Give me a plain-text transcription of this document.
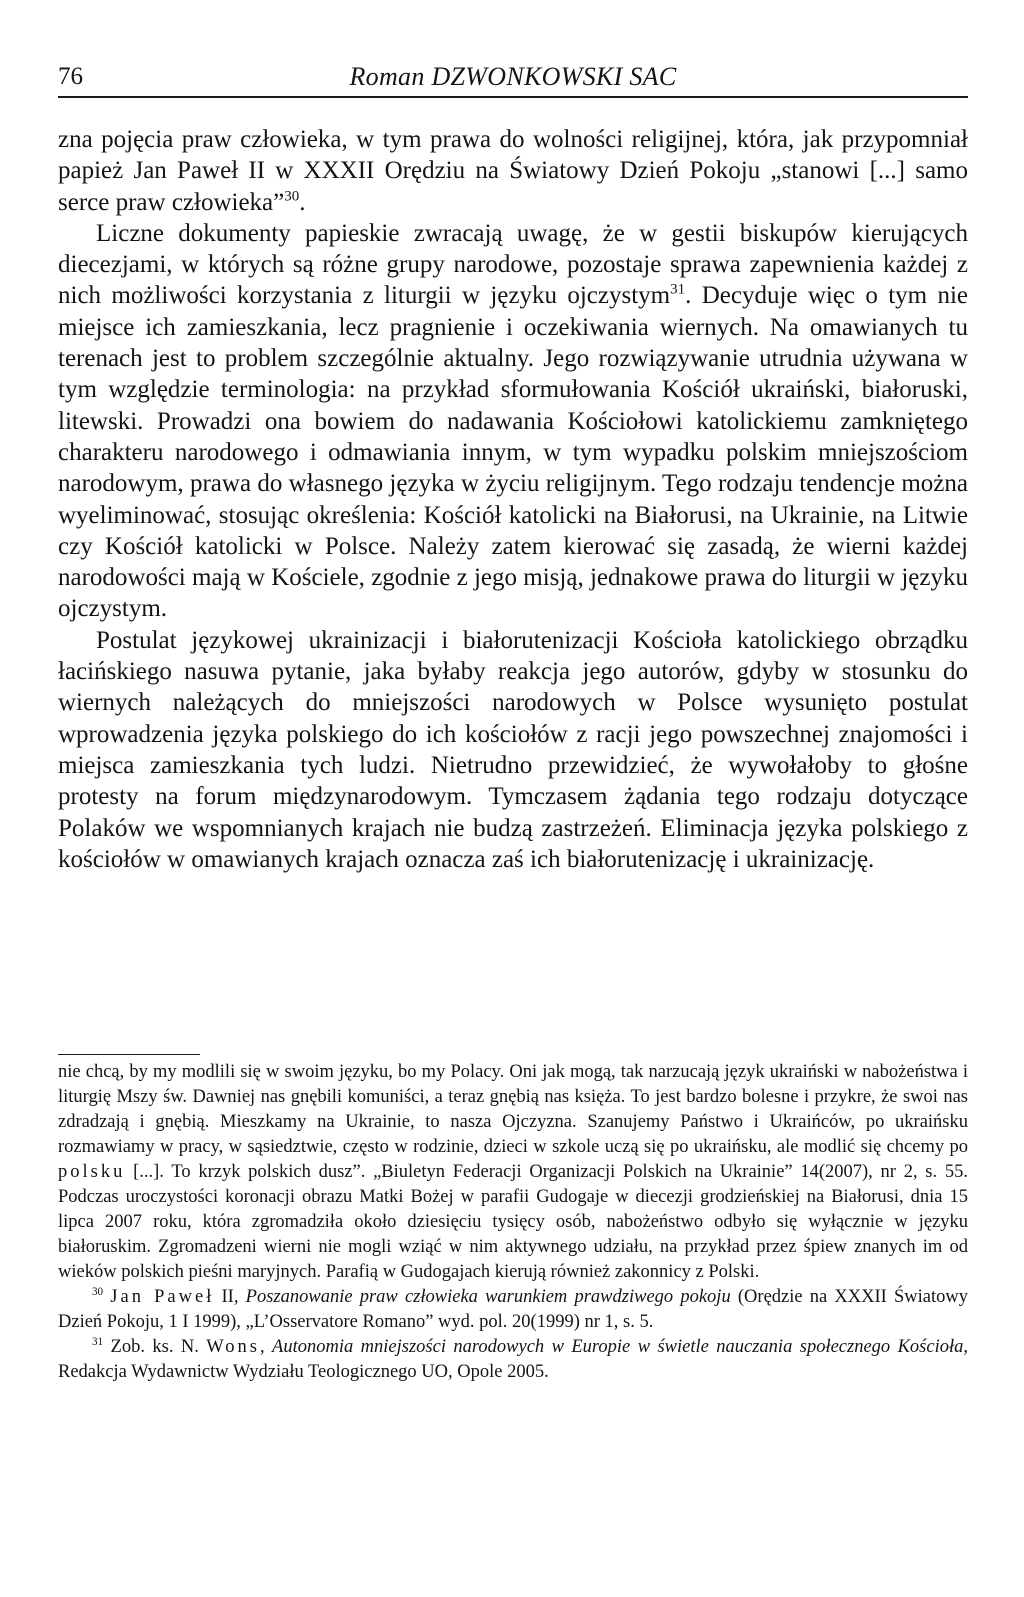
76	Roman DZWONKOWSKI SAC

zna pojęcia praw człowieka, w tym prawa do wolności religijnej, która, jak przypomniał papież Jan Paweł II w XXXII Orędziu na Światowy Dzień Pokoju „stanowi [...] samo serce praw człowieka”$^{30}$.

Liczne dokumenty papieskie zwracają uwagę, że w gestii biskupów kierujących diecezjami, w których są różne grupy narodowe, pozostaje sprawa zapewnienia każdej z nich możliwości korzystania z liturgii w języku ojczystym$^{31}$. Decyduje więc o tym nie miejsce ich zamieszkania, lecz pragnienie i oczekiwania wiernych. Na omawianych tu terenach jest to problem szczególnie aktualny. Jego rozwiązywanie utrudnia używana w tym względzie terminologia: na przykład sformułowania Kościół ukraiński, białoruski, litewski. Prowadzi ona bowiem do nadawania Kościołowi katolickiemu zamkniętego charakteru narodowego i odmawiania innym, w tym wypadku polskim mniejszościom narodowym, prawa do własnego języka w życiu religijnym. Tego rodzaju tendencje można wyeliminować, stosując określenia: Kościół katolicki na Białorusi, na Ukrainie, na Litwie czy Kościół katolicki w Polsce. Należy zatem kierować się zasadą, że wierni każdej narodowości mają w Kościele, zgodnie z jego misją, jednakowe prawa do liturgii w języku ojczystym.

Postulat językowej ukrainizacji i białorutenizacji Kościoła katolickiego obrządku łacińskiego nasuwa pytanie, jaka byłaby reakcja jego autorów, gdyby w stosunku do wiernych należących do mniejszości narodowych w Polsce wysunięto postulat wprowadzenia języka polskiego do ich kościołów z racji jego powszechnej znajomości i miejsca zamieszkania tych ludzi. Nietrudno przewidzieć, że wywołałoby to głośne protesty na forum międzynarodowym. Tymczasem żądania tego rodzaju dotyczące Polaków we wspomnianych krajach nie budzą zastrzeżeń. Eliminacja języka polskiego z kościołów w omawianych krajach oznacza zaś ich białorutenizację i ukrainizację.

nie chcą, by my modlili się w swoim języku, bo my Polacy. Oni jak mogą, tak narzucają język ukraiński w nabożeństwa i liturgię Mszy św. Dawniej nas gnębili komuniści, a teraz gnębią nas księża. To jest bardzo bolesne i przykre, że swoi nas zdradzają i gnębią. Mieszkamy na Ukrainie, to nasza Ojczyzna. Szanujemy Państwo i Ukraińców, po ukraińsku rozmawiamy w pracy, w sąsiedztwie, często w rodzinie, dzieci w szkole uczą się po ukraińsku, ale modlić się chcemy po polsku [...]. To krzyk polskich dusz”. „Biuletyn Federacji Organizacji Polskich na Ukrainie” 14(2007), nr 2, s. 55. Podczas uroczystości koronacji obrazu Matki Bożej w parafii Gudogaje w diecezji grodzieńskiej na Białorusi, dnia 15 lipca 2007 roku, która zgromadziła około dziesięciu tysięcy osób, nabożeństwo odbyło się wyłącznie w języku białoruskim. Zgromadzeni wierni nie mogli wziąć w nim aktywnego udziału, na przykład przez śpiew znanych im od wieków polskich pieśni maryjnych. Parafią w Gudogajach kierują również zakonnicy z Polski.

$^{30}$ Jan Paweł II, Poszanowanie praw człowieka warunkiem prawdziwego pokoju (Orędzie na XXXII Światowy Dzień Pokoju, 1 I 1999), „L’Osservatore Romano” wyd. pol. 20(1999) nr 1, s. 5.

$^{31}$ Zob. ks. N. Wons, Autonomia mniejszości narodowych w Europie w świetle nauczania społecznego Kościoła, Redakcja Wydawnictw Wydziału Teologicznego UO, Opole 2005.
